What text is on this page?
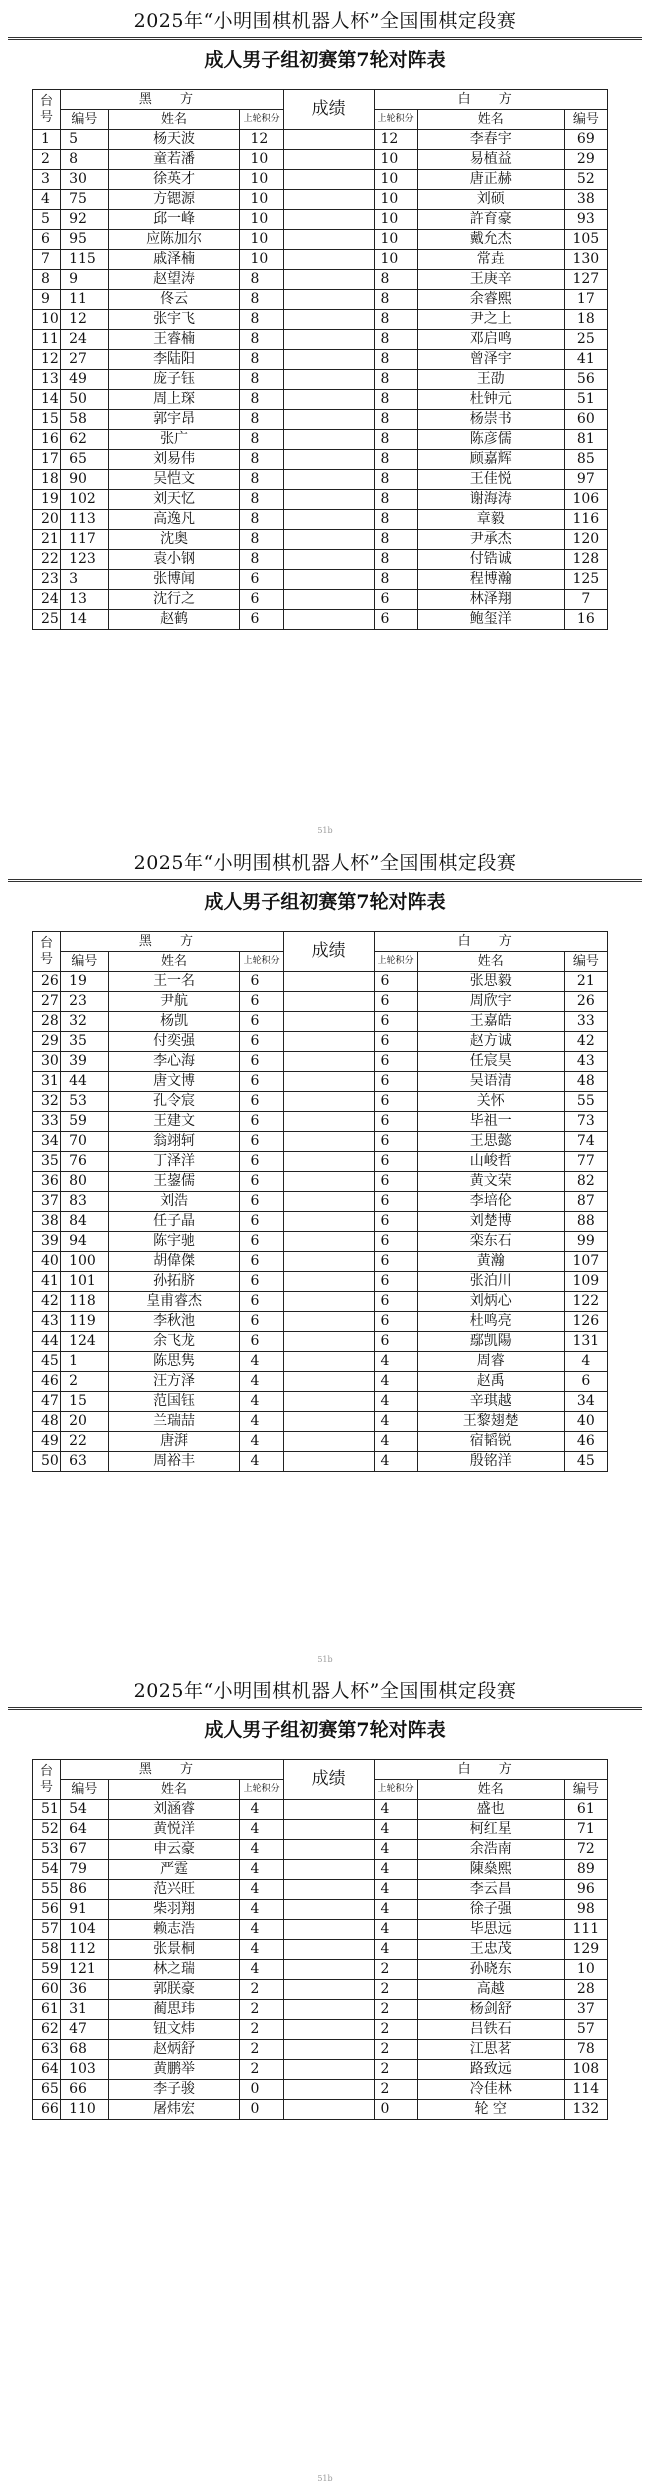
2025年“小明围棋机器人杯”全国围棋定段赛
成人男子组初赛第7轮对阵表
台号	黑 方			成绩	白 方		
	编号	姓名	上轮积分		上轮积分	姓名	编号
1	5	杨天波	12		12	李春宇	69
2	8	童若潘	10		10	易植益	29
3	30	徐英才	10		10	唐正赫	52
4	75	方锶源	10		10	刘硕	38
5	92	邱一峰	10		10	許育豪	93
6	95	应陈加尔	10		10	戴允杰	105
7	115	戚泽楠	10		10	常垚	130
8	9	赵望涛	8		8	王庚辛	127
9	11	佟云	8		8	余睿熙	17
10	12	张宇飞	8		8	尹之上	18
11	24	王睿楠	8		8	邓启鸣	25
12	27	李陆阳	8		8	曾泽宇	41
13	49	庞子钰	8		8	王劭	56
14	50	周上琛	8		8	杜钟元	51
15	58	郭宇昂	8		8	杨崇书	60
16	62	张广	8		8	陈彦儒	81
17	65	刘易伟	8		8	顾嘉辉	85
18	90	吴恺文	8		8	王佳悦	97
19	102	刘天忆	8		8	谢海涛	106
20	113	高逸凡	8		8	章毅	116
21	117	沈奥	8		8	尹承杰	120
22	123	袁小钢	8		8	付锆诚	128
23	3	张博闻	6		8	程博瀚	125
24	13	沈行之	6		6	林泽翔	7
25	14	赵鹤	6		6	鲍玺洋	16
51b
2025年“小明围棋机器人杯”全国围棋定段赛
成人男子组初赛第7轮对阵表
台号	黑 方			成绩	白 方		
	编号	姓名	上轮积分		上轮积分	姓名	编号
26	19	王一名	6		6	张思毅	21
27	23	尹航	6		6	周欣宇	26
28	32	杨凯	6		6	王嘉皓	33
29	35	付奕强	6		6	赵方诚	42
30	39	李心海	6		6	任宸昊	43
31	44	唐文博	6		6	吴语清	48
32	53	孔令宸	6		6	关怀	55
33	59	王建文	6		6	毕祖一	73
34	70	翁翊轲	6		6	王思懿	74
35	76	丁泽洋	6		6	山峻哲	77
36	80	王鋆儒	6		6	黄文荣	82
37	83	刘浩	6		6	李培伦	87
38	84	任子晶	6		6	刘楚博	88
39	94	陈宇驰	6		6	栾东石	99
40	100	胡偉傑	6		6	黄瀚	107
41	101	孙拓脐	6		6	张泊川	109
42	118	皇甫睿杰	6		6	刘炳心	122
43	119	李秋池	6		6	杜鸣亮	126
44	124	余飞龙	6		6	鄢凯陽	131
45	1	陈思隽	4		4	周睿	4
46	2	汪方泽	4		4	赵禹	6
47	15	范国钰	4		4	辛琪越	34
48	20	兰瑞喆	4		4	王黎翅楚	40
49	22	唐湃	4		4	宿韬锐	46
50	63	周裕丰	4		4	殷铭洋	45
51b
2025年“小明围棋机器人杯”全国围棋定段赛
成人男子组初赛第7轮对阵表
台号	黑 方			成绩	白 方		
	编号	姓名	上轮积分		上轮积分	姓名	编号
51	54	刘涵睿	4		4	盛也	61
52	64	黄悦洋	4		4	柯红星	71
53	67	申云豪	4		4	余浩南	72
54	79	严霆	4		4	陳燊熙	89
55	86	范兴旺	4		4	李云昌	96
56	91	柴羽翔	4		4	徐子强	98
57	104	赖志浩	4		4	毕思远	111
58	112	张景桐	4		4	王忠茂	129
59	121	林之瑞	4		2	孙晓东	10
60	36	郭朕豪	2		2	高越	28
61	31	蔺思玮	2		2	杨剑舒	37
62	47	钮文炜	2		2	吕铁石	57
63	68	赵炳舒	2		2	江思茗	78
64	103	黄鹏举	2		2	路致远	108
65	66	李子骏	0		2	冷佳林	114
66	110	屠炜宏	0		0	轮 空	132
51b
